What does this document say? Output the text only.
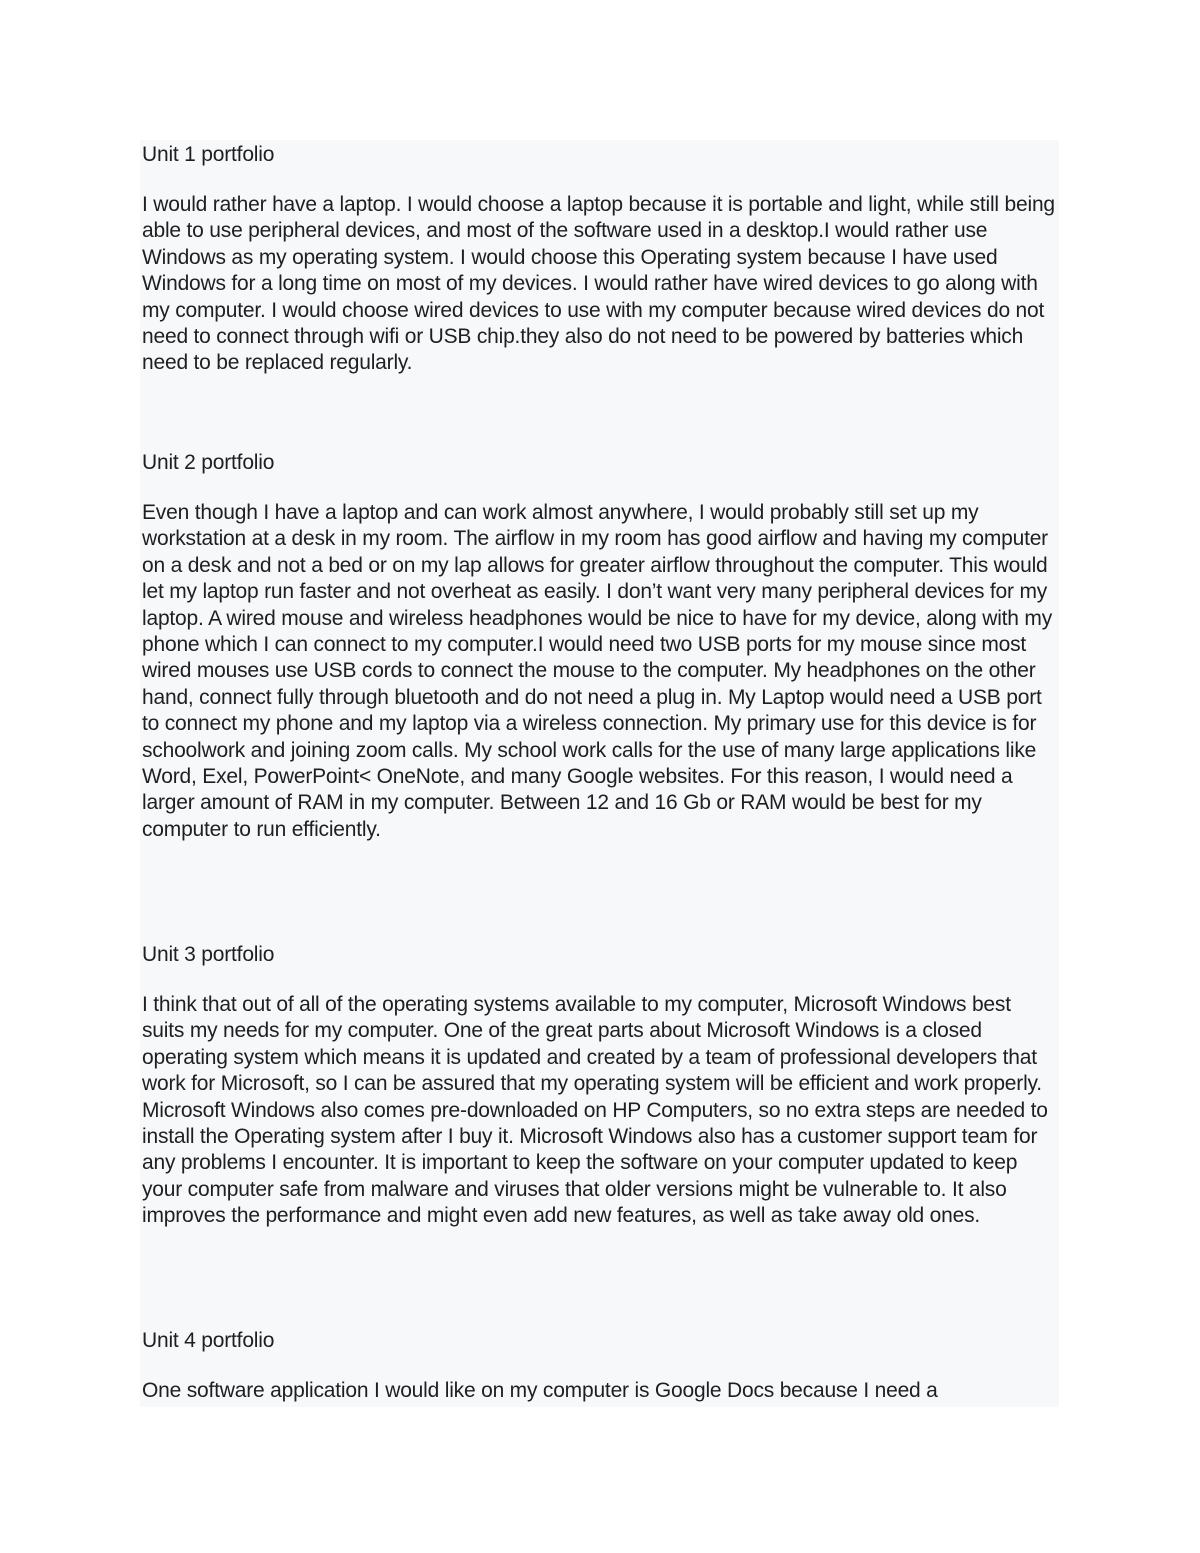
Unit 1 portfolio

I would rather have a laptop. I would choose a laptop because it is portable and light, while still being able to use peripheral devices, and most of the software used in a desktop.I would rather use Windows as my operating system. I would choose this Operating system because I have used Windows for a long time on most of my devices. I would rather have wired devices to go along with my computer. I would choose wired devices to use with my computer because wired devices do not need to connect through wifi or USB chip.they also do not need to be powered by batteries which need to be replaced regularly.

Unit 2 portfolio

Even though I have a laptop and can work almost anywhere, I would probably still set up my workstation at a desk in my room. The airflow in my room has good airflow and having my computer on a desk and not a bed or on my lap allows for greater airflow throughout the computer. This would let my laptop run faster and not overheat as easily. I don’t want very many peripheral devices for my laptop. A wired mouse and wireless headphones would be nice to have for my device, along with my phone which I can connect to my computer.I would need two USB ports for my mouse since most wired mouses use USB cords to connect the mouse to the computer. My headphones on the other hand, connect fully through bluetooth and do not need a plug in. My Laptop would need a USB port to connect my phone and my laptop via a wireless connection. My primary use for this device is for schoolwork and joining zoom calls. My school work calls for the use of many large applications like Word, Exel, PowerPoint< OneNote, and many Google websites. For this reason, I would need a larger amount of RAM in my computer. Between 12 and 16 Gb or RAM would be best for my computer to run efficiently.

Unit 3 portfolio

I think that out of all of the operating systems available to my computer, Microsoft Windows best suits my needs for my computer. One of the great parts about Microsoft Windows is a closed operating system which means it is updated and created by a team of professional developers that work for Microsoft, so I can be assured that my operating system will be efficient and work properly. Microsoft Windows also comes pre-downloaded on HP Computers, so no extra steps are needed to install the Operating system after I buy it. Microsoft Windows also has a customer support team for any problems I encounter. It is important to keep the software on your computer updated to keep your computer safe from malware and viruses that older versions might be vulnerable to. It also improves the performance and might even add new features, as well as take away old ones.

Unit 4 portfolio

One software application I would like on my computer is Google Docs because I need a
